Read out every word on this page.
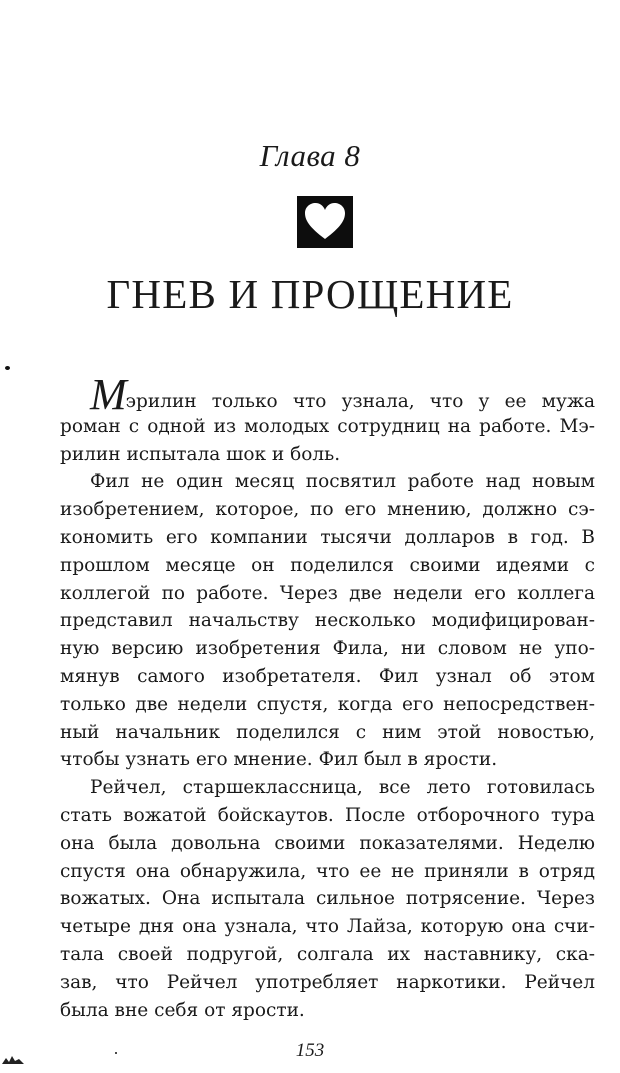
Глава 8
ГНЕВ И ПРОЩЕНИЕ
Мэрилин только что узнала, что у ее мужа
роман с одной из молодых сотрудниц на работе. Мэ-
рилин испытала шок и боль.
Фил не один месяц посвятил работе над новым
изобретением, которое, по его мнению, должно сэ-
кономить его компании тысячи долларов в год. В
прошлом месяце он поделился своими идеями с
коллегой по работе. Через две недели его коллега
представил начальству несколько модифицирован-
ную версию изобретения Фила, ни словом не упо-
мянув самого изобретателя. Фил узнал об этом
только две недели спустя, когда его непосредствен-
ный начальник поделился с ним этой новостью,
чтобы узнать его мнение. Фил был в ярости.
Рейчел, старшеклассница, все лето готовилась
стать вожатой бойскаутов. После отборочного тура
она была довольна своими показателями. Неделю
спустя она обнаружила, что ее не приняли в отряд
вожатых. Она испытала сильное потрясение. Через
четыре дня она узнала, что Лайза, которую она счи-
тала своей подругой, солгала их наставнику, ска-
зав, что Рейчел употребляет наркотики. Рейчел
была вне себя от ярости.
153
